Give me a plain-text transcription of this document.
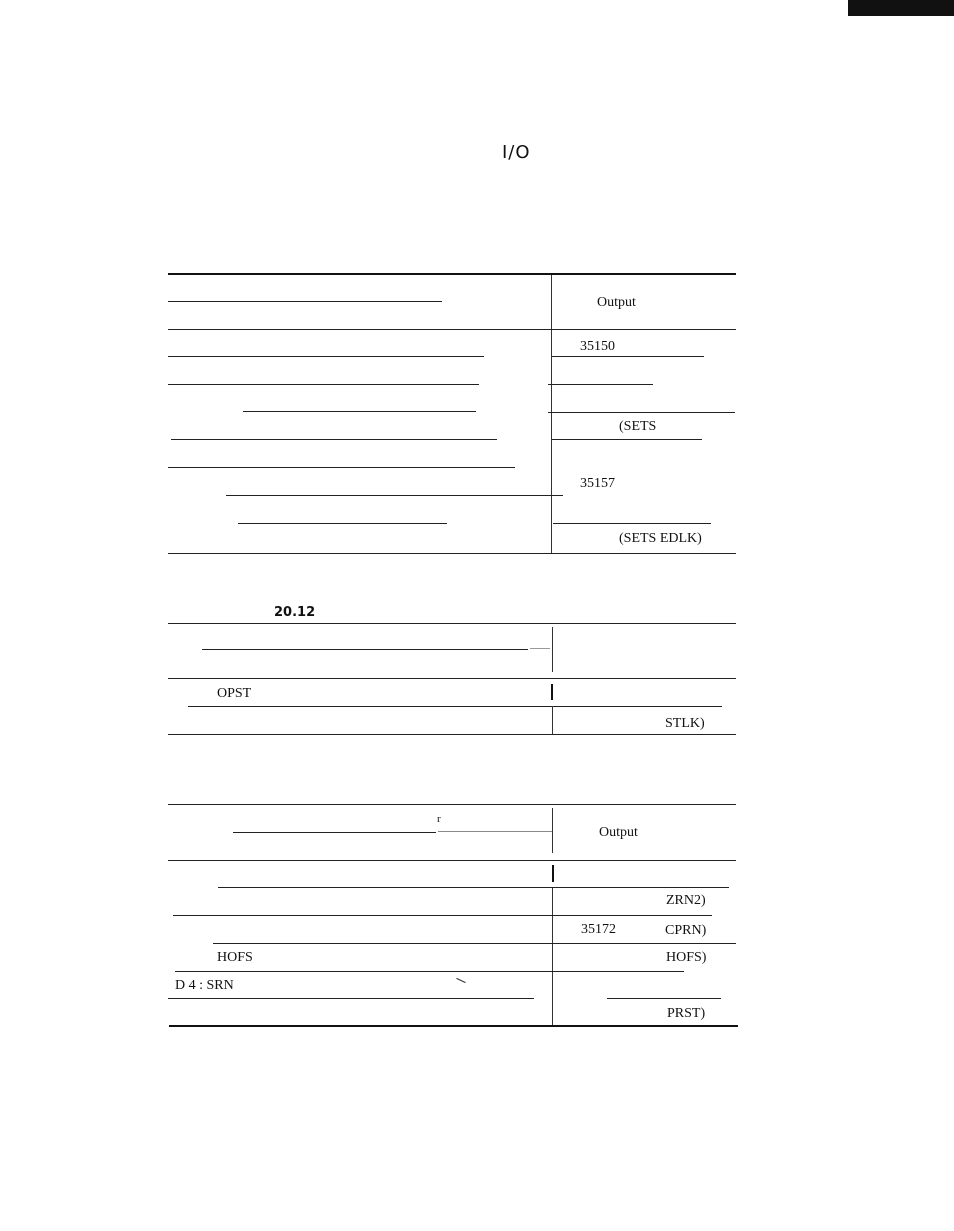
I/O
Output
35150
(SETS
35157
(SETS EDLK)
20.12
OPST
STLK)
r
Output
ZRN2)
35172	CPRN)
HOFS	HOFS)
D 4 : SRN
PRST)
